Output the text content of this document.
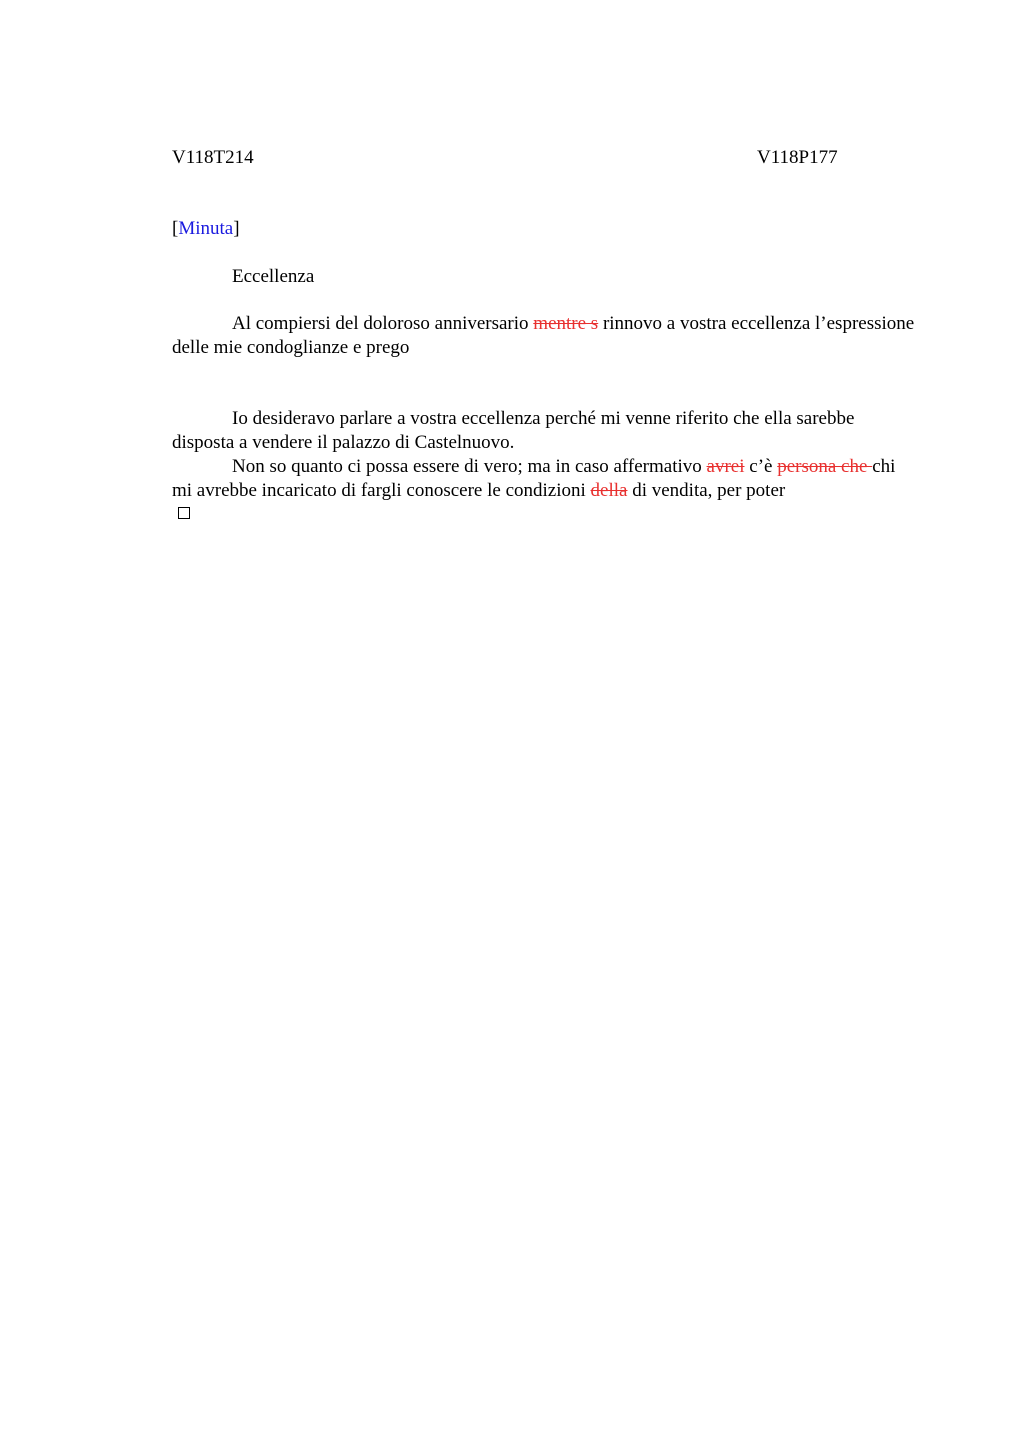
V118T214	V118P177
[Minuta]

Eccellenza

Al compiersi del doloroso anniversario mentre s rinnovo a vostra eccellenza l’espressione delle mie condoglianze e prego

Io desideravo parlare a vostra eccellenza perché mi venne riferito che ella sarebbe disposta a vendere il palazzo di Castelnuovo.

Non so quanto ci possa essere di vero; ma in caso affermativo avrei c’è persona che chi mi avrebbe incaricato di fargli conoscere le condizioni della di vendita, per poter
